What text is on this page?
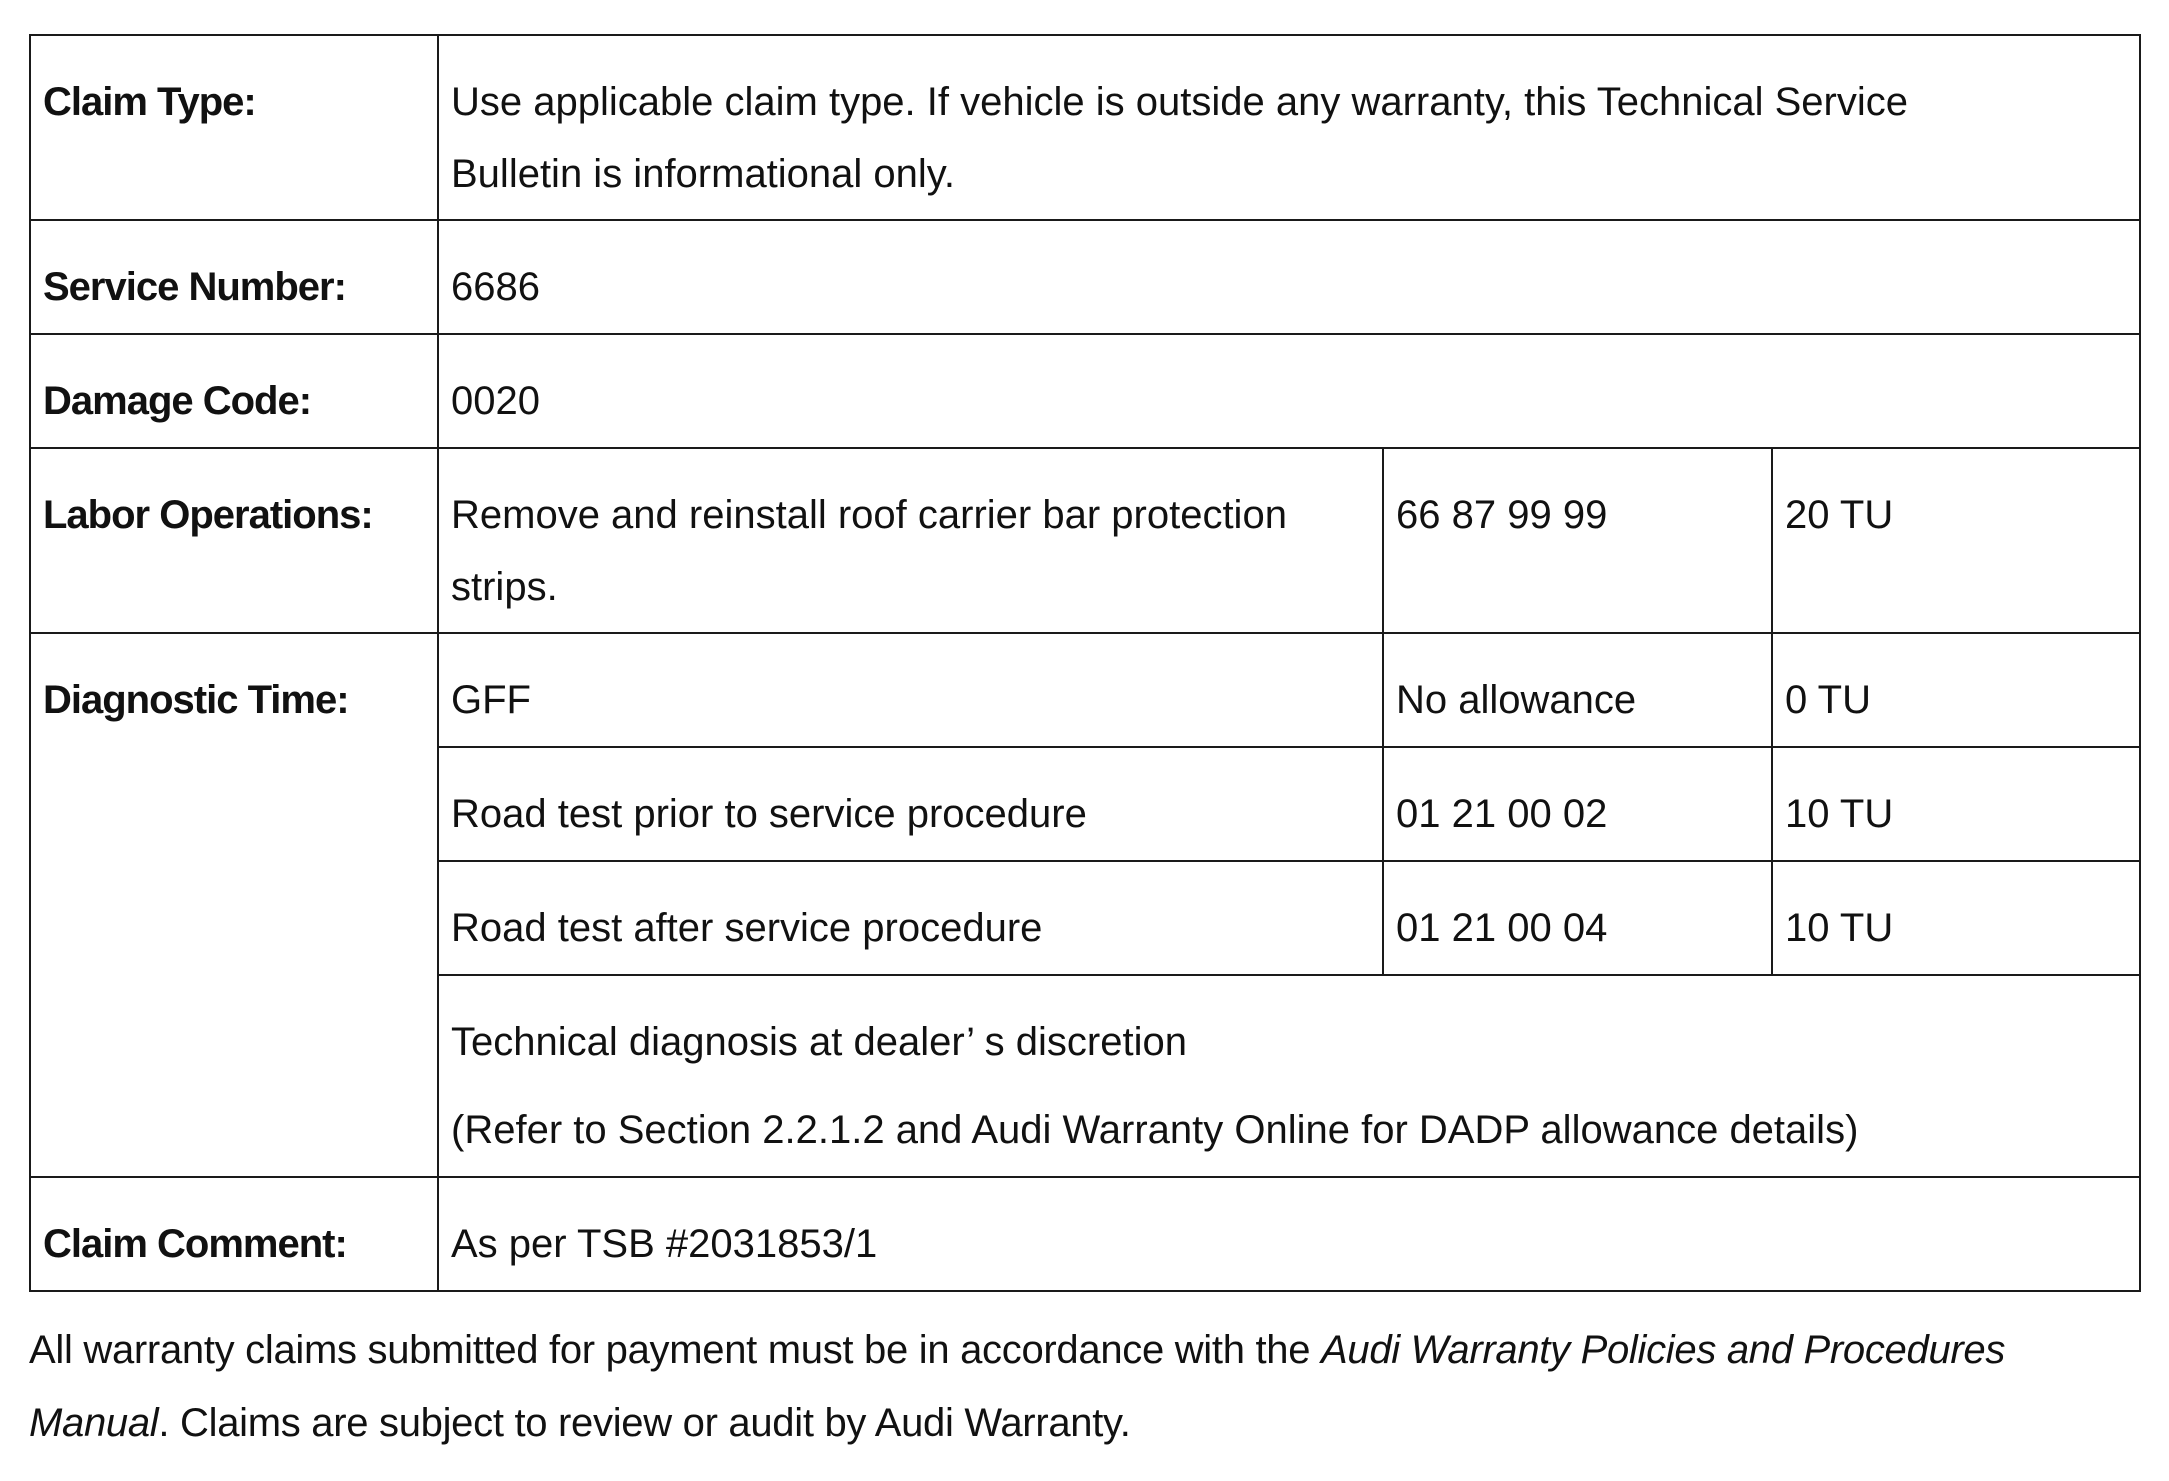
Claim Type:	Use applicable claim type. If vehicle is outside any warranty, this Technical Service
Bulletin is informational only.		
Service Number:	6686		
Damage Code:	0020		
Labor Operations:	Remove and reinstall roof carrier bar protection
strips.	66 87 99 99	20 TU
Diagnostic Time:	GFF	No allowance	0 TU
	Road test prior to service procedure	01 21 00 02	10 TU
	Road test after service procedure	01 21 00 04	10 TU
	Technical diagnosis at dealer’ s discretion
(Refer to Section 2.2.1.2 and Audi Warranty Online for DADP allowance details)		

Claim Comment:	As per TSB #2031853/1		
All warranty claims submitted for payment must be in accordance with the Audi Warranty Policies and Procedures
Manual. Claims are subject to review or audit by Audi Warranty.
